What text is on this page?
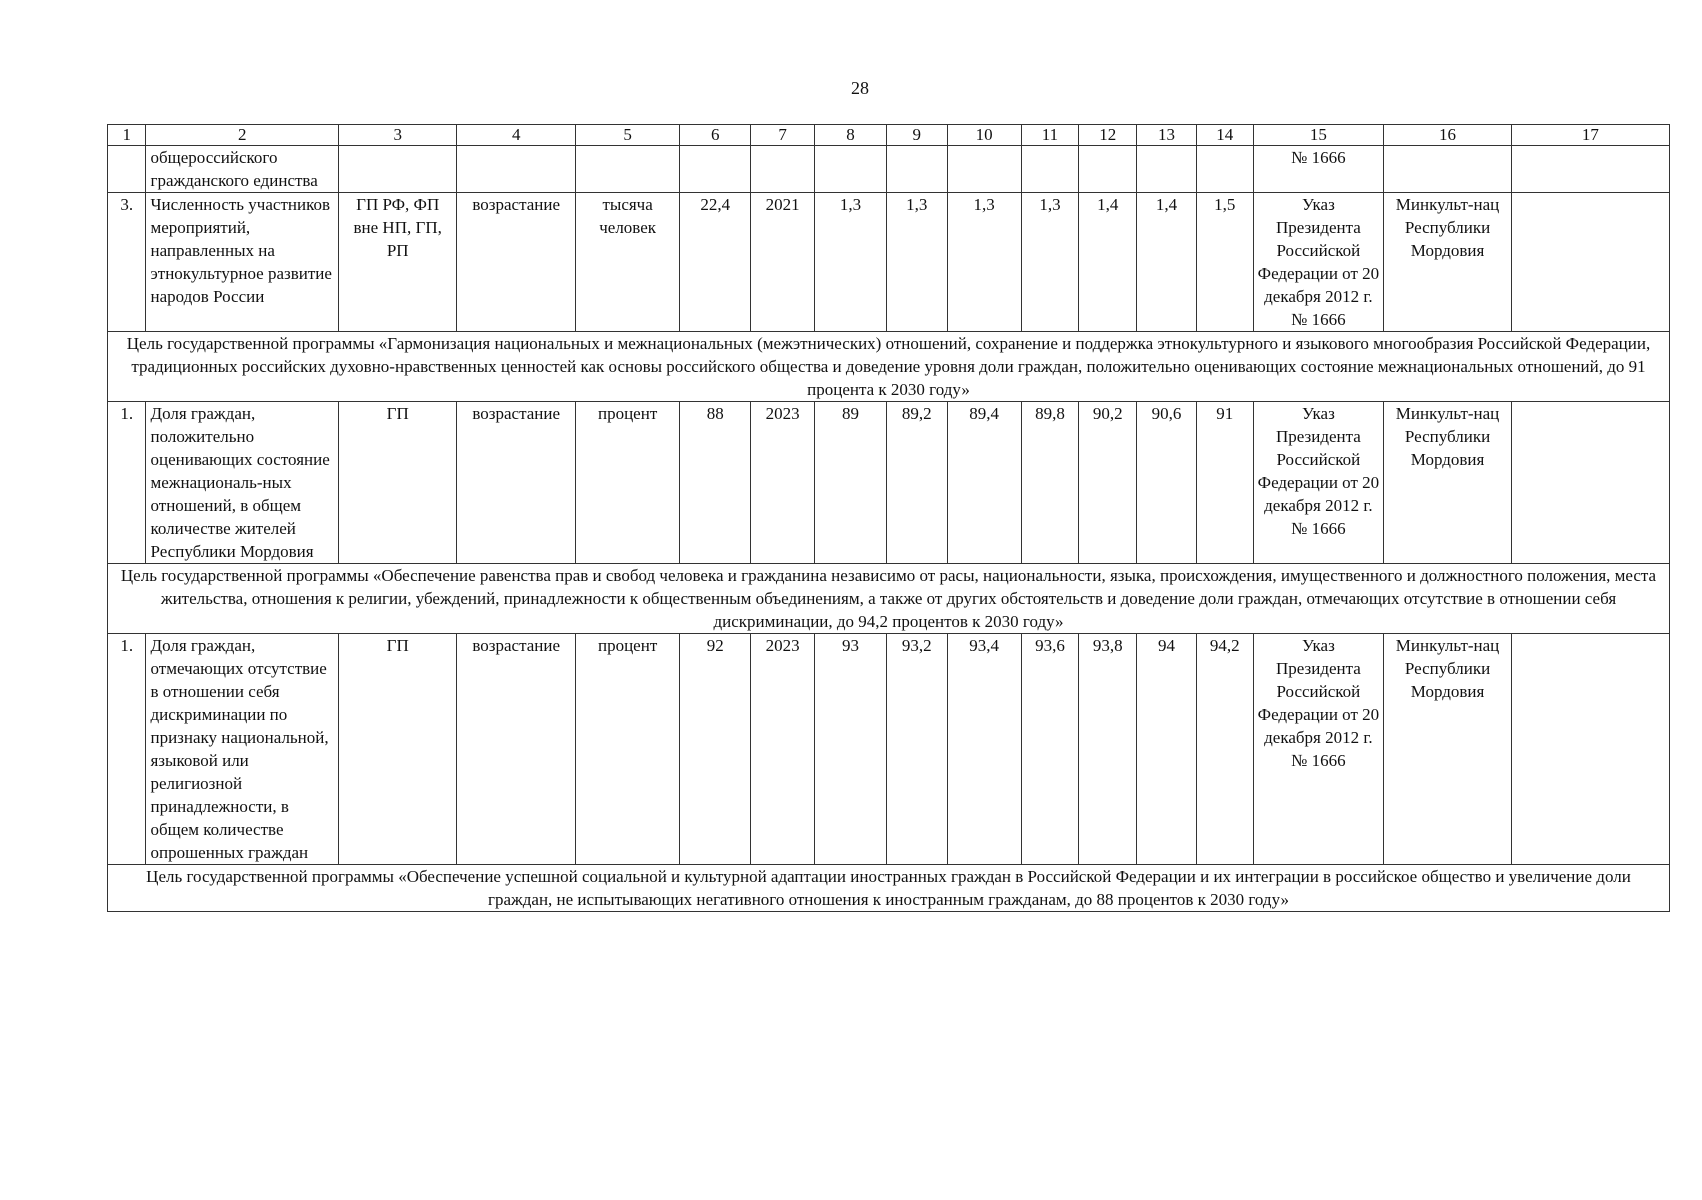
28
1	2	3	4	5	6	7	8	9	10	11	12	13	14	15	16	17
	общероссийского гражданского единства													№ 1666		
3.	Численность участников мероприятий, направленных на этнокультурное развитие народов России	ГП РФ, ФП вне НП, ГП, РП	возрастание	тысяча человек	22,4	2021	1,3	1,3	1,3	1,3	1,4	1,4	1,5	Указ Президента Российской Федерации от 20 декабря 2012 г. № 1666	Минкульт-нац Республики Мордовия	
Цель государственной программы «Гармонизация национальных и межнациональных (межэтнических) отношений, сохранение и поддержка этнокультурного и языкового многообразия Российской Федерации, традиционных российских духовно-нравственных ценностей как основы российского общества и доведение уровня доли граждан, положительно оценивающих состояние межнациональных отношений, до 91 процента к 2030 году»																
1.	Доля граждан, положительно оценивающих состояние межнациональ-ных отношений, в общем количестве жителей Республики Мордовия	ГП	возрастание	процент	88	2023	89	89,2	89,4	89,8	90,2	90,6	91	Указ Президента Российской Федерации от 20 декабря 2012 г. № 1666	Минкульт-нац Республики Мордовия	
Цель государственной программы «Обеспечение равенства прав и свобод человека и гражданина независимо от расы, национальности, языка, происхождения, имущественного и должностного положения, места жительства, отношения к религии, убеждений, принадлежности к общественным объединениям, а также от других обстоятельств и доведение доли граждан, отмечающих отсутствие в отношении себя дискриминации, до 94,2 процентов к 2030 году»																
1.	Доля граждан, отмечающих отсутствие в отношении себя дискриминации по признаку национальной, языковой или религиозной принадлежности, в общем количестве опрошенных граждан	ГП	возрастание	процент	92	2023	93	93,2	93,4	93,6	93,8	94	94,2	Указ Президента Российской Федерации от 20 декабря 2012 г. № 1666	Минкульт-нац Республики Мордовия	
Цель государственной программы «Обеспечение успешной социальной и культурной адаптации иностранных граждан в Российской Федерации и их интеграции в российское общество и увеличение доли граждан, не испытывающих негативного отношения к иностранным гражданам, до 88 процентов к 2030 году»																
